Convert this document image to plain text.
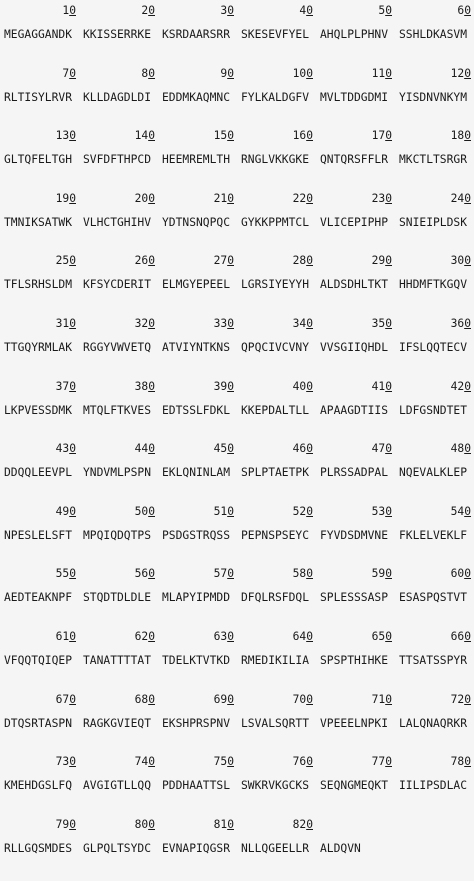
10	20	30	40	50	60
MEGAGGANDK KKISSERRKE KSRDAARSRR SKESEVFYEL AHQLPLPHNV SSHLDKASVM
70	80	90	100	110	120
RLTISYLRVR KLLDAGDLDI EDDMKAQMNC FYLKALDGFV MVLTDDGDMI YISDNVNKYM
130	140	150	160	170	180
GLTQFELTGH SVFDFTHPCD HEEMREMLTH RNGLVKKGKE QNTQRSFFLR MKCTLTSRGR
190	200	210	220	230	240
TMNIKSATWK VLHCTGHIHV YDTNSNQPQC GYKKPPMTCL VLICEPIPHP SNIEIPLDSK
250	260	270	280	290	300
TFLSRHSLDM KFSYCDERIT ELMGYEPEEL LGRSIYEYYH ALDSDHLTKT HHDMFTKGQV
310	320	330	340	350	360
TTGQYRMLAK RGGYVWVETQ ATVIYNTKNS QPQCIVCVNY VVSGIIQHDL IFSLQQTECV
370	380	390	400	410	420
LKPVESSDMK MTQLFTKVES EDTSSLFDKL KKEPDALTLL APAAGDTIIS LDFGSNDTET
430	440	450	460	470	480
DDQQLEEVPL YNDVMLPSPN EKLQNINLAM SPLPTAETPK PLRSSADPAL NQEVALKLEP
490	500	510	520	530	540
NPESLELSFT MPQIQDQTPS PSDGSTRQSS PEPNSPSEYC FYVDSDMVNE FKLELVEKLF
550	560	570	580	590	600
AEDTEAKNPF STQDTDLDLE MLAPYIPMDD DFQLRSFDQL SPLESSSASP ESASPQSTVT
610	620	630	640	650	660
VFQQTQIQEP TANATTTTAT TDELKTVTKD RMEDIKILIA SPSPTHIHKE TTSATSSPYR
670	680	690	700	710	720
DTQSRTASPN RAGKGVIEQT EKSHPRSPNV LSVALSQRTT VPEEELNPKI LALQNAQRKR
730	740	750	760	770	780
KMEHDGSLFQ AVGIGTLLQQ PDDHAATTSL SWKRVKGCKS SEQNGMEQKT IILIPSDLAC
790	800	810	820
RLLGQSMDES GLPQLTSYDC EVNAPIQGSR NLLQGEELLR ALDQVN
